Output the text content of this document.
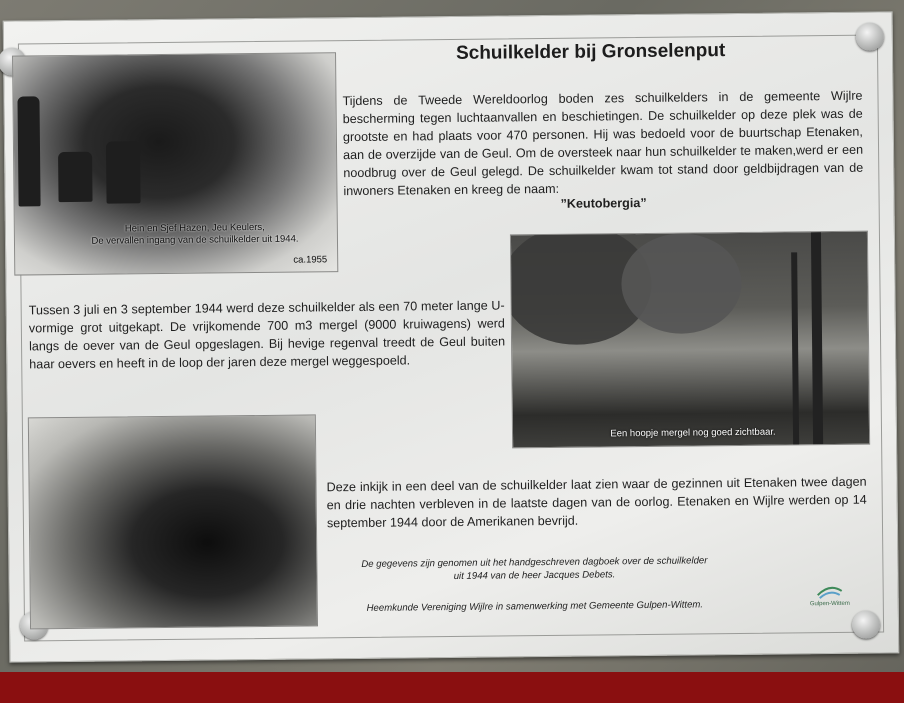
Schuilkelder bij Gronselenput
Hein en Sjef Hazen, Jeu Keulers,
De vervallen ingang van de schuilkelder uit 1944.
ca.1955

Tijdens de Tweede Wereldoorlog boden zes schuilkelders in de gemeente Wijlre bescherming tegen luchtaanvallen en beschietingen. De schuilkelder op deze plek was de grootste en had plaats voor 470 personen. Hij was bedoeld voor de buurtschap Etenaken, aan de overzijde van de Geul. Om de oversteek naar hun schuilkelder te maken,werd er een noodbrug over de Geul gelegd. De schuilkelder kwam tot stand door geldbijdragen van de inwoners Etenaken en kreeg de naam:

”Keutobergia”
Een hoopje mergel nog goed zichtbaar.

Tussen 3 juli en 3 september 1944 werd deze schuilkelder als een 70 meter lange U-vormige grot uitgekapt. De vrijkomende 700 m3 mergel (9000 kruiwagens) werd langs de oever van de Geul opgeslagen. Bij hevige regenval treedt de Geul buiten haar oevers en heeft in de loop der jaren deze mergel weggespoeld.

Deze inkijk in een deel van de schuilkelder laat zien waar de gezinnen uit Etenaken twee dagen en drie nachten verbleven in de laatste dagen van de oorlog. Etenaken en Wijlre werden op 14 september 1944 door de Amerikanen bevrijd.

De gegevens zijn genomen uit het handgeschreven dagboek over de schuilkelder
uit 1944 van de heer Jacques Debets.
Heemkunde Vereniging Wijlre in samenwerking met Gemeente Gulpen-Wittem.	Gulpen-Wittem
